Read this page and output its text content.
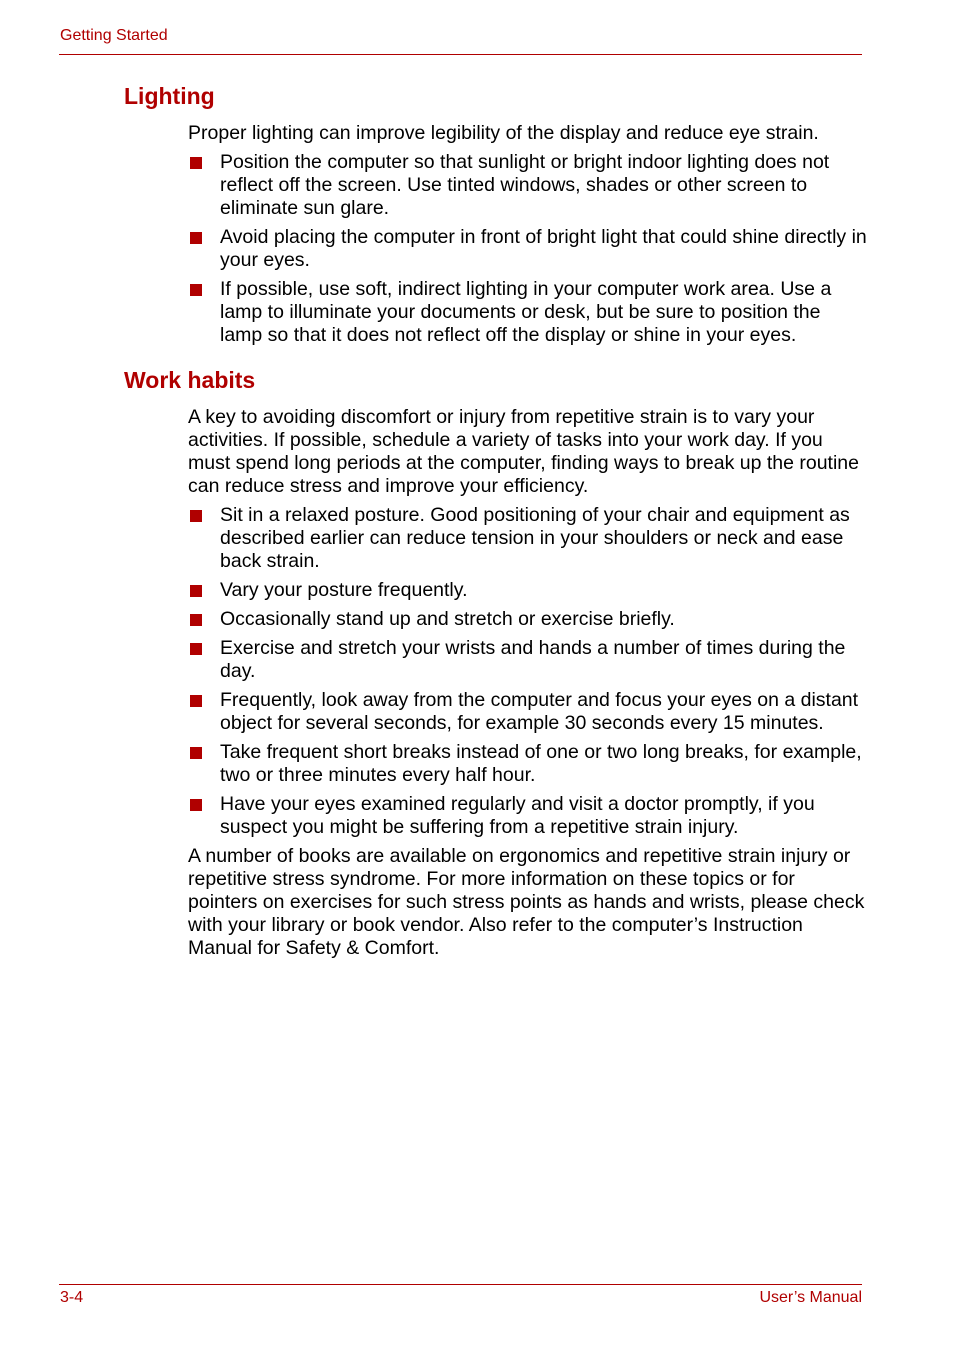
Getting Started
Lighting

Proper lighting can improve legibility of the display and reduce eye strain.

Position the computer so that sunlight or bright indoor lighting does not reflect off the screen. Use tinted windows, shades or other screen to eliminate sun glare.
Avoid placing the computer in front of bright light that could shine directly in your eyes.
If possible, use soft, indirect lighting in your computer work area. Use a lamp to illuminate your documents or desk, but be sure to position the lamp so that it does not reflect off the display or shine in your eyes.
Work habits

A key to avoiding discomfort or injury from repetitive strain is to vary your activities. If possible, schedule a variety of tasks into your work day. If you must spend long periods at the computer, finding ways to break up the routine can reduce stress and improve your efficiency.

Sit in a relaxed posture. Good positioning of your chair and equipment as described earlier can reduce tension in your shoulders or neck and ease back strain.
Vary your posture frequently.
Occasionally stand up and stretch or exercise briefly.
Exercise and stretch your wrists and hands a number of times during the day.
Frequently, look away from the computer and focus your eyes on a distant object for several seconds, for example 30 seconds every 15 minutes.
Take frequent short breaks instead of one or two long breaks, for example, two or three minutes every half hour.
Have your eyes examined regularly and visit a doctor promptly, if you suspect you might be suffering from a repetitive strain injury.

A number of books are available on ergonomics and repetitive strain injury or repetitive stress syndrome. For more information on these topics or for pointers on exercises for such stress points as hands and wrists, please check with your library or book vendor. Also refer to the computer’s Instruction Manual for Safety & Comfort.

3-4	User’s Manual
